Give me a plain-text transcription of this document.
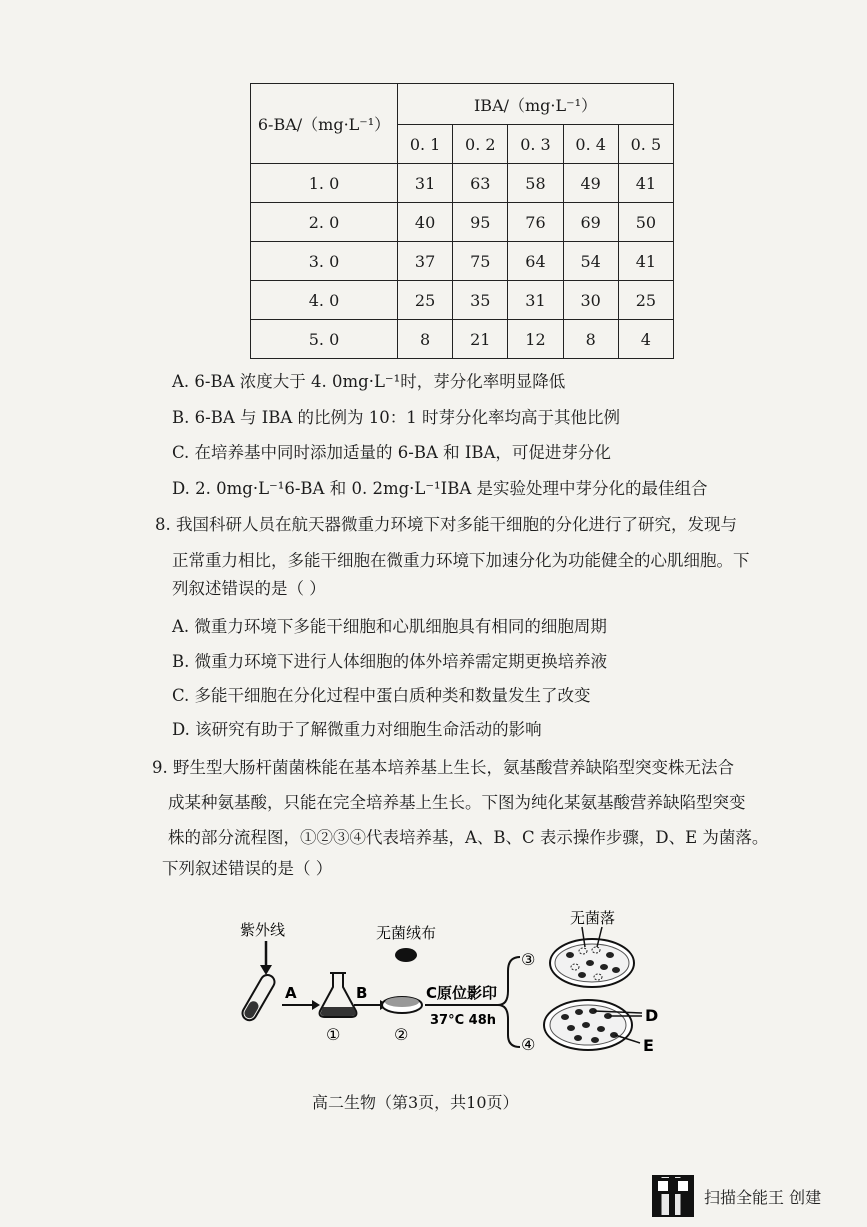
6-BA/（mg·L⁻¹）	IBA/（mg·L⁻¹）				
	0. 1	0. 2	0. 3	0. 4	0. 5
1. 0	31	63	58	49	41
2. 0	40	95	76	69	50
3. 0	37	75	64	54	41
4. 0	25	35	31	30	25
5. 0	8	21	12	8	4
A. 6-BA 浓度大于 4. 0mg·L⁻¹时，芽分化率明显降低
B. 6-BA 与 IBA 的比例为 10：1 时芽分化率均高于其他比例
C. 在培养基中同时添加适量的 6-BA 和 IBA，可促进芽分化
D. 2. 0mg·L⁻¹6-BA 和 0. 2mg·L⁻¹IBA 是实验处理中芽分化的最佳组合
8. 我国科研人员在航天器微重力环境下对多能干细胞的分化进行了研究，发现与
正常重力相比，多能干细胞在微重力环境下加速分化为功能健全的心肌细胞。下
列叙述错误的是（ ）
A. 微重力环境下多能干细胞和心肌细胞具有相同的细胞周期
B. 微重力环境下进行人体细胞的体外培养需定期更换培养液
C. 多能干细胞在分化过程中蛋白质种类和数量发生了改变
D. 该研究有助于了解微重力对细胞生命活动的影响
9. 野生型大肠杆菌菌株能在基本培养基上生长，氨基酸营养缺陷型突变株无法合
成某种氨基酸，只能在完全培养基上生长。下图为纯化某氨基酸营养缺陷型突变
株的部分流程图，①②③④代表培养基，A、B、C 表示操作步骤，D、E 为菌落。
下列叙述错误的是（ ）
紫外线
A
①
B
无菌绒布
②
C原位影印
37°C 48h
③
无菌落
④
D
E
高二生物（第3页，共10页）
扫描全能王 创建
